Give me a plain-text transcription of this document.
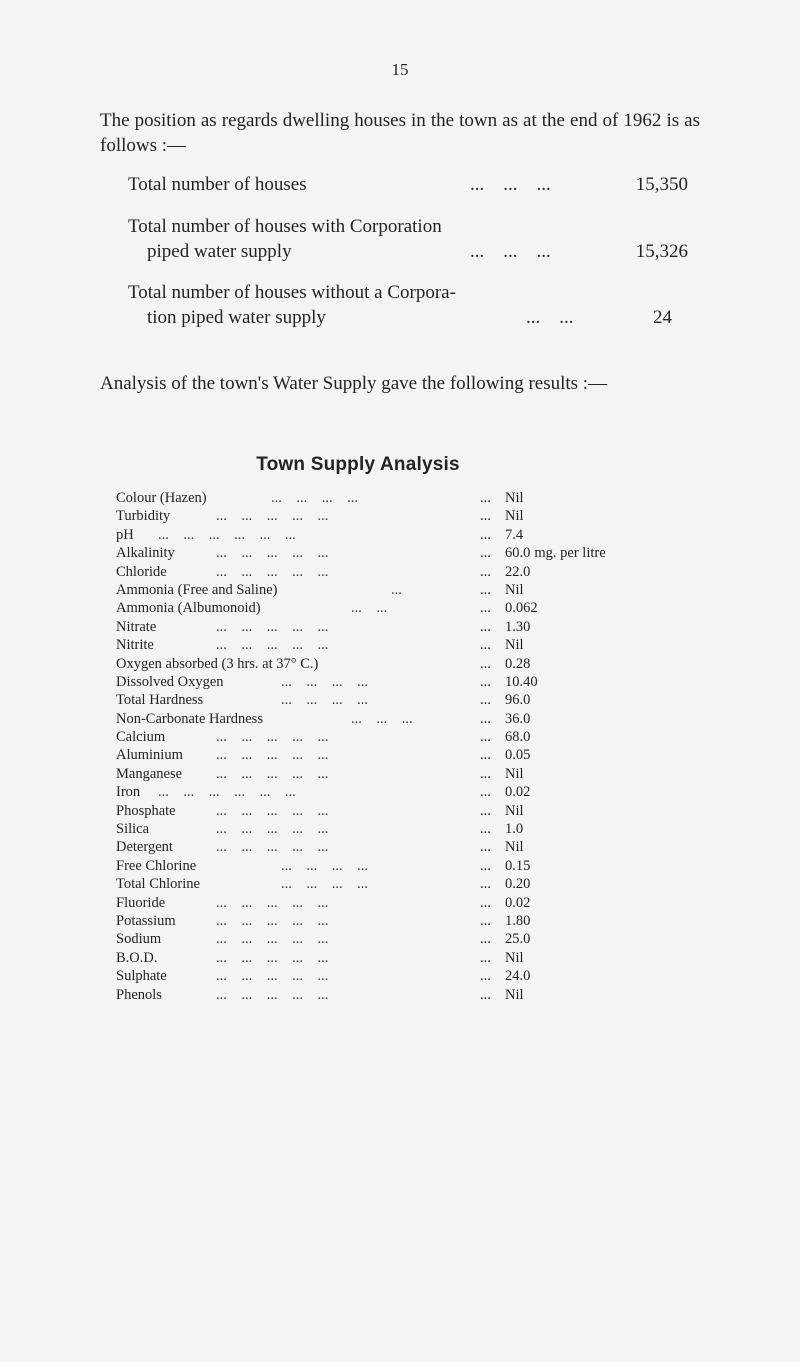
15
The position as regards dwelling houses in the town as at the end of 1962 is as follows :—
Total number of houses	...    ...    ...	15,350
Total number of houses with Corporation
piped water supply	...    ...    ...	15,326
Total number of houses without a Corpora-
tion piped water supply	...    ...	24
Analysis of the town's Water Supply gave the following results :—
Town Supply Analysis
Colour (Hazen)	...    ...    ...    ...	... Nil
Turbidity	...    ...    ...    ...    ...	... Nil
pH ...    ...    ...    ...    ...    ...	... 7.4
Alkalinity	...    ...    ...    ...    ...	... 60.0 mg. per litre
Chloride	...    ...    ...    ...    ...	... 22.0
Ammonia (Free and Saline)	...	... Nil
Ammonia (Albumonoid)	...    ...	... 0.062
Nitrate	...    ...    ...    ...    ...	... 1.30
Nitrite	...    ...    ...    ...    ...	... Nil
Oxygen absorbed (3 hrs. at 37° C.)	... 0.28
Dissolved Oxygen	...    ...    ...    ...	... 10.40
Total Hardness	...    ...    ...    ...	... 96.0
Non-Carbonate Hardness	...    ...    ...	... 36.0
Calcium	...    ...    ...    ...    ...	... 68.0
Aluminium ...    ...    ...    ...    ...	... 0.05
Manganese ...    ...    ...    ...    ...	... Nil
Iron ...    ...    ...    ...    ...    ...	... 0.02
Phosphate	...    ...    ...    ...    ...	... Nil
Silica	...    ...    ...    ...    ...	... 1.0
Detergent	...    ...    ...    ...    ...	... Nil
Free Chlorine	...    ...    ...    ...	... 0.15
Total Chlorine	...    ...    ...    ...	... 0.20
Fluoride	...    ...    ...    ...    ...	... 0.02
Potassium	...    ...    ...    ...    ...	... 1.80
Sodium	...    ...    ...    ...    ...	... 25.0
B.O.D.	...    ...    ...    ...    ...	... Nil
Sulphate	...    ...    ...    ...    ...	... 24.0
Phenols	...    ...    ...    ...    ...	... Nil
